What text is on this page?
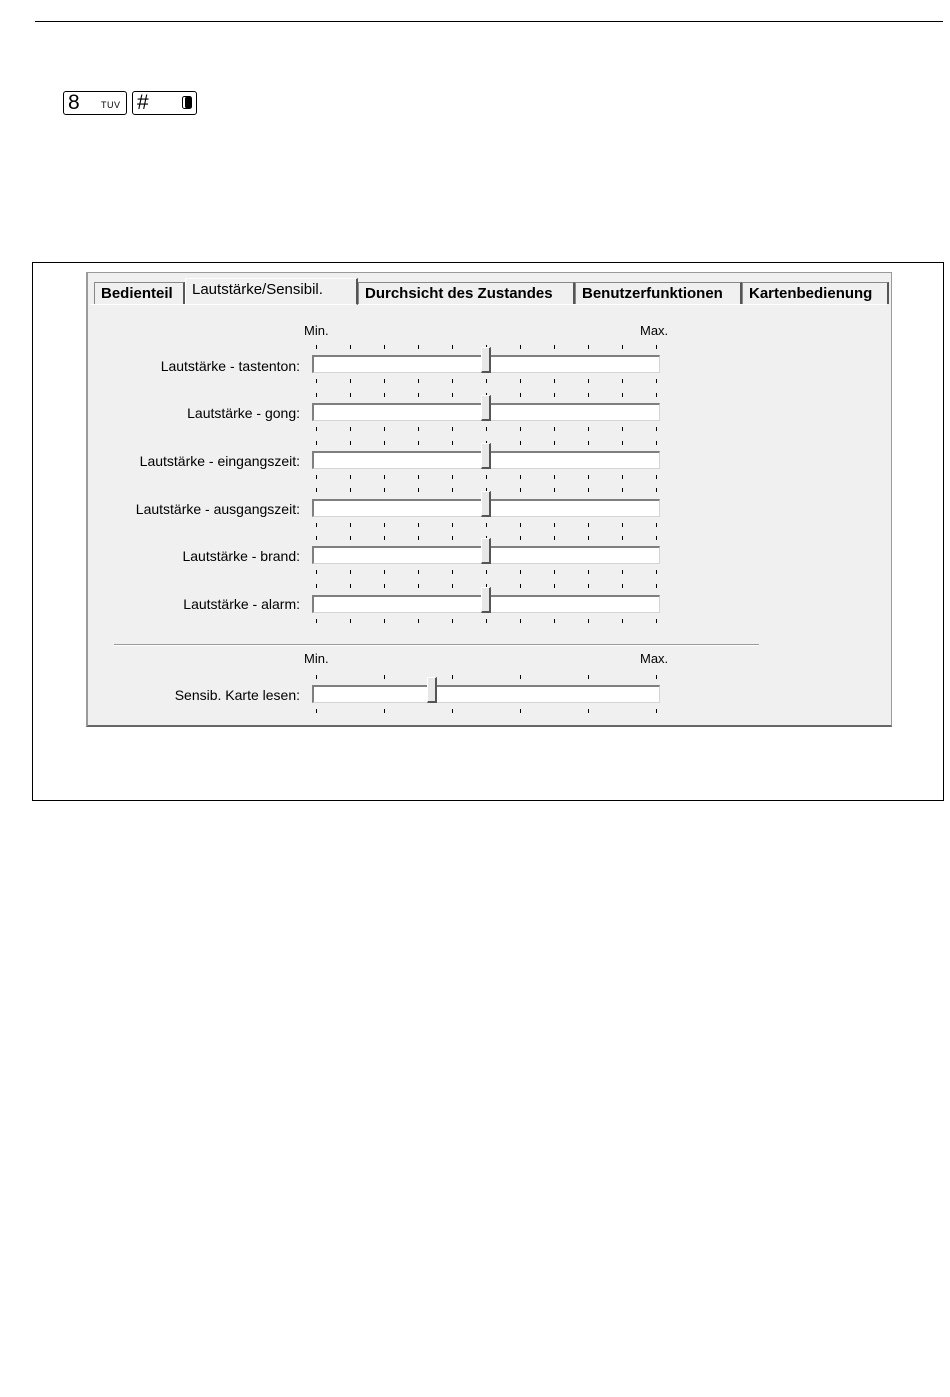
8 TUV #
Bedienteil	Lautstärke/Sensibil.	Durchsicht des Zustandes	Benutzerfunktionen	Kartenbedienung
Min.	Max.
Lautstärke - tastenton:
Lautstärke - gong:
Lautstärke - eingangszeit:
Lautstärke - ausgangszeit:
Lautstärke - brand:
Lautstärke - alarm:
Min.	Max.
Sensib. Karte lesen:
